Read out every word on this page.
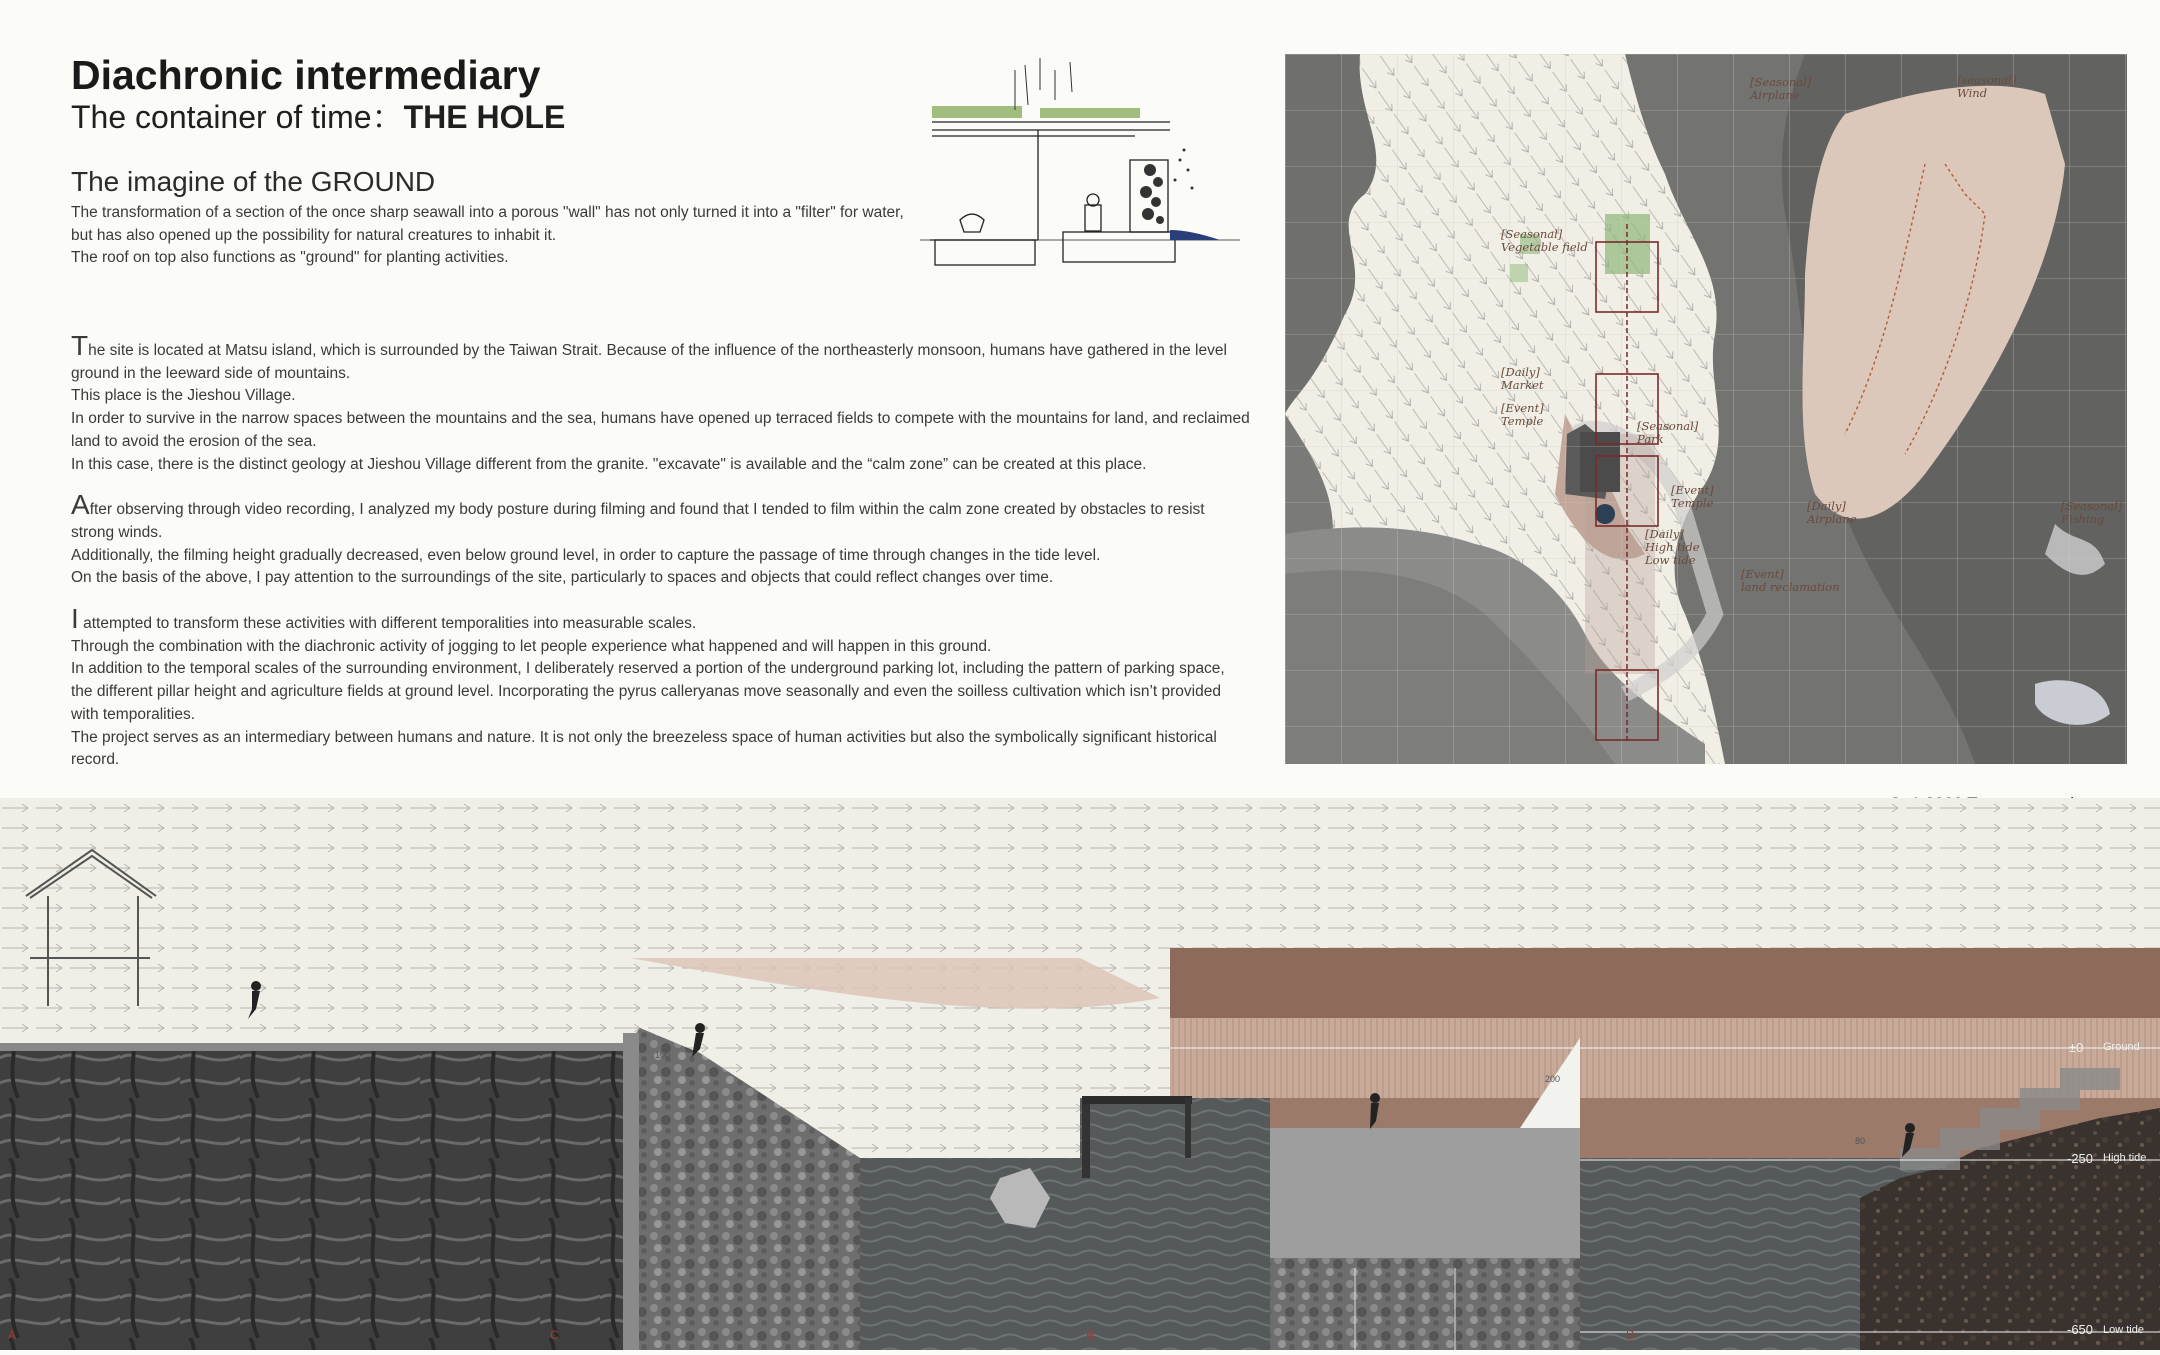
Diachronic intermediary
The container of time：THE HOLE
The imagine of the GROUND

The transformation of a section of the once sharp seawall into a porous "wall" has not only turned it into a "filter" for water,

but has also opened up the possibility for natural creatures to inhabit it.

The roof on top also functions as "ground" for planting activities.

The site is located at Matsu island, which is surrounded by the Taiwan Strait. Because of the influence of the northeasterly monsoon, humans have gathered in the level

ground in the leeward side of mountains.

This place is the Jieshou Village.

In order to survive in the narrow spaces between the mountains and the sea, humans have opened up terraced fields to compete with the mountains for land, and reclaimed

land to avoid the erosion of the sea.

In this case, there is the distinct geology at Jieshou Village different from the granite. "excavate" is available and the “calm zone” can be created at this place.

After observing through video recording, I analyzed my body posture during filming and found that I tended to film within the calm zone created by obstacles to resist

strong winds.

Additionally, the filming height gradually decreased, even below ground level, in order to capture the passage of time through changes in the tide level.

On the basis of the above, I pay attention to the surroundings of the site, particularly to spaces and objects that could reflect changes over time.

I attempted to transform these activities with different temporalities into measurable scales.

Through the combination with the diachronic activity of jogging to let people experience what happened and will happen in this ground.

In addition to the temporal scales of the surrounding environment, I deliberately reserved a portion of the underground parking lot, including the pattern of parking space,

the different pillar height and agriculture fields at ground level. Incorporating the pyrus calleryanas move seasonally and even the soilless cultivation which isn’t provided

with temporalities.

The project serves as an intermediary between humans and nature. It is not only the breezeless space of human activities but also the symbolically significant historical

record.

[Seasonal]
Airplane
[seasonal]
Wind
[Seasonal]
Vegetable field
[Daily]
Market
[Event]
Temple	[Seasonal]
Park
[Event]
Temple
[Daily]
High tide
Low tide
[Daily]
Airplane
[Seasonal]
Fishing
[Event]
land reclamation
±0 Ground
-250 High tide
-650 Low tide
100
200
80
A	C	B	D
